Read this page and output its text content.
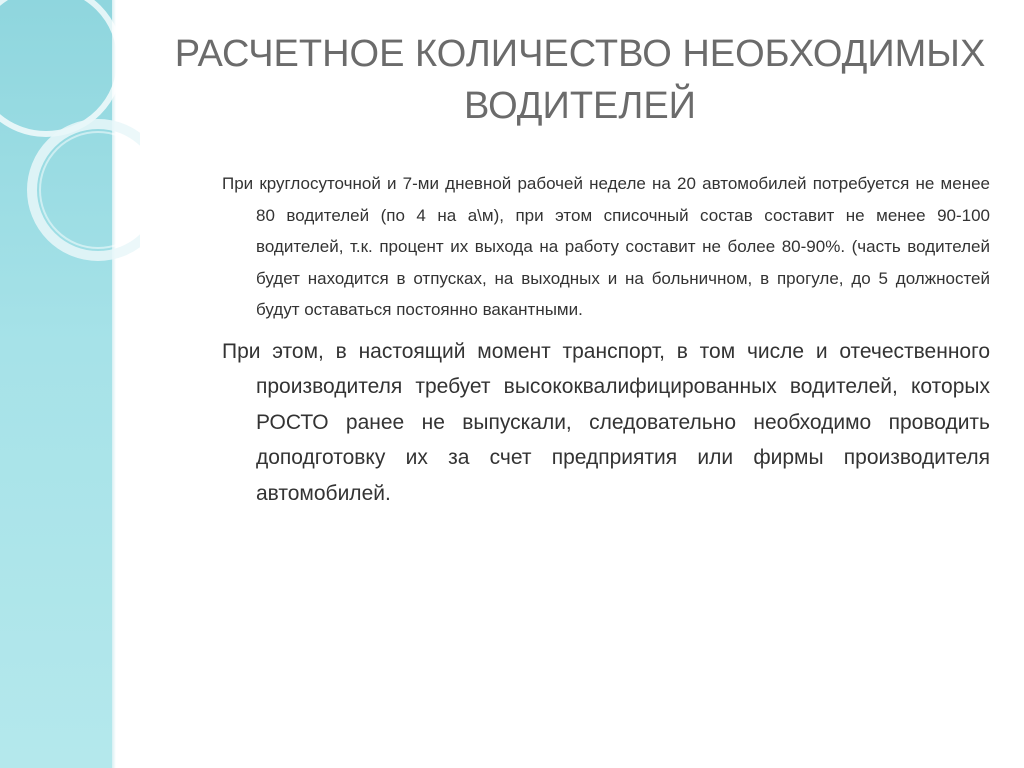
РАСЧЕТНОЕ КОЛИЧЕСТВО НЕОБХОДИМЫХ ВОДИТЕЛЕЙ

При круглосуточной и 7-ми дневной рабочей неделе на 20 автомобилей потребуется не менее 80 водителей (по 4 на а\м), при этом списочный состав составит не менее 90-100 водителей, т.к. процент их выхода на работу составит не более 80-90%. (часть водителей будет находится в отпусках, на выходных и на больничном, в прогуле, до 5 должностей будут оставаться постоянно вакантными.

При этом, в настоящий момент транспорт, в том числе и отечественного производителя требует высококвалифицированных водителей, которых РОСТО ранее не выпускали, следовательно необходимо проводить доподготовку их за счет предприятия или фирмы производителя автомобилей.
